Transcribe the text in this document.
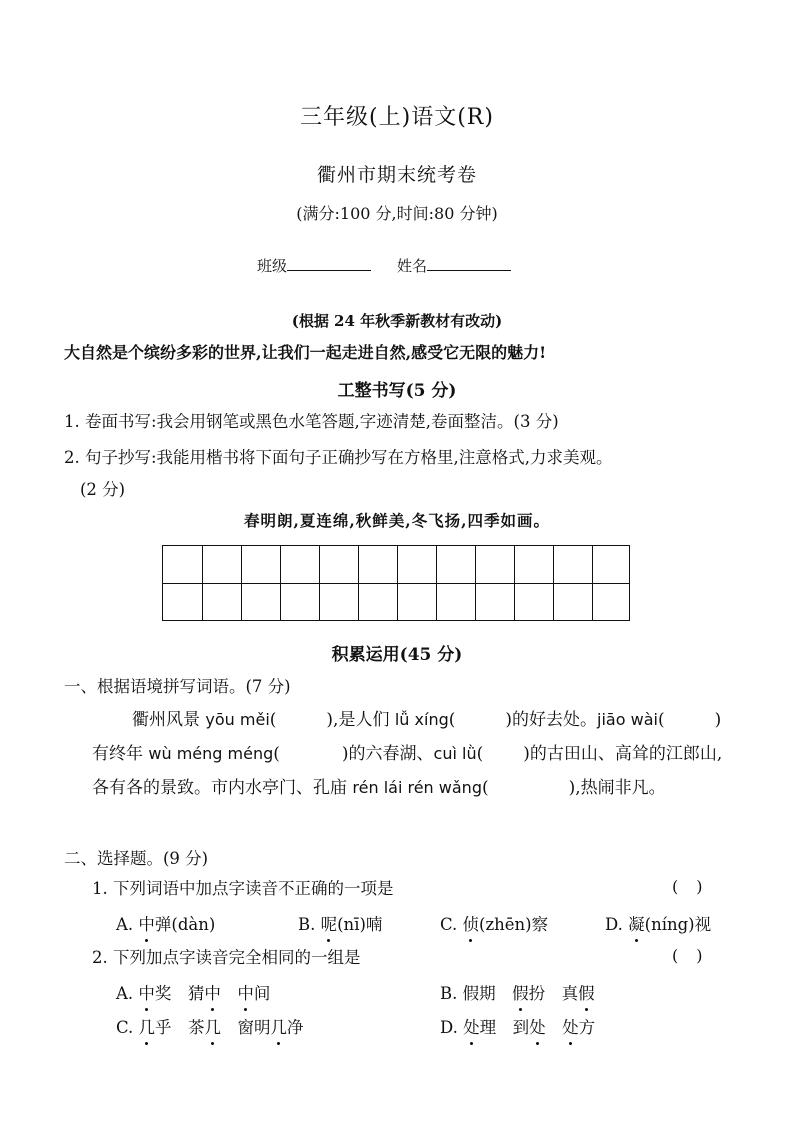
三年级(上)语文(R)
衢州市期末统考卷
(满分:100 分,时间:80 分钟)
班级	姓名
(根据 24 年秋季新教材有改动)
大自然是个缤纷多彩的世界,让我们一起走进自然,感受它无限的魅力!
工整书写(5 分)
1. 卷面书写:我会用钢笔或黑色水笔答题,字迹清楚,卷面整洁。(3 分)
2. 句子抄写:我能用楷书将下面句子正确抄写在方格里,注意格式,力求美观。
(2 分)
春明朗,夏连绵,秋鲜美,冬飞扬,四季如画。
积累运用(45 分)
一、根据语境拼写词语。(7 分)
衢州风景 yōu měi(	),是人们 lǚ xíng(	)的好去处。jiāo wài(	)有终年 wù méng méng(	)的六春湖、cuì lǜ( )的古田山、高耸的江郎山,各有各的景致。市内水亭门、孔庙 rén lái rén wǎng(	),热闹非凡。
二、选择题。(9 分)
1. 下列词语中加点字读音不正确的一项是	()
A. 中弹(dàn)	B. 呢(nī)喃	C. 侦(zhēn)察	D. 凝(níng)视
2. 下列加点字读音完全相同的一组是	()
A. 中奖　猜中　 中间	B. 假期　假扮　真假
C. 几乎　茶几　窗明几净	D. 处理　到处　 处方
